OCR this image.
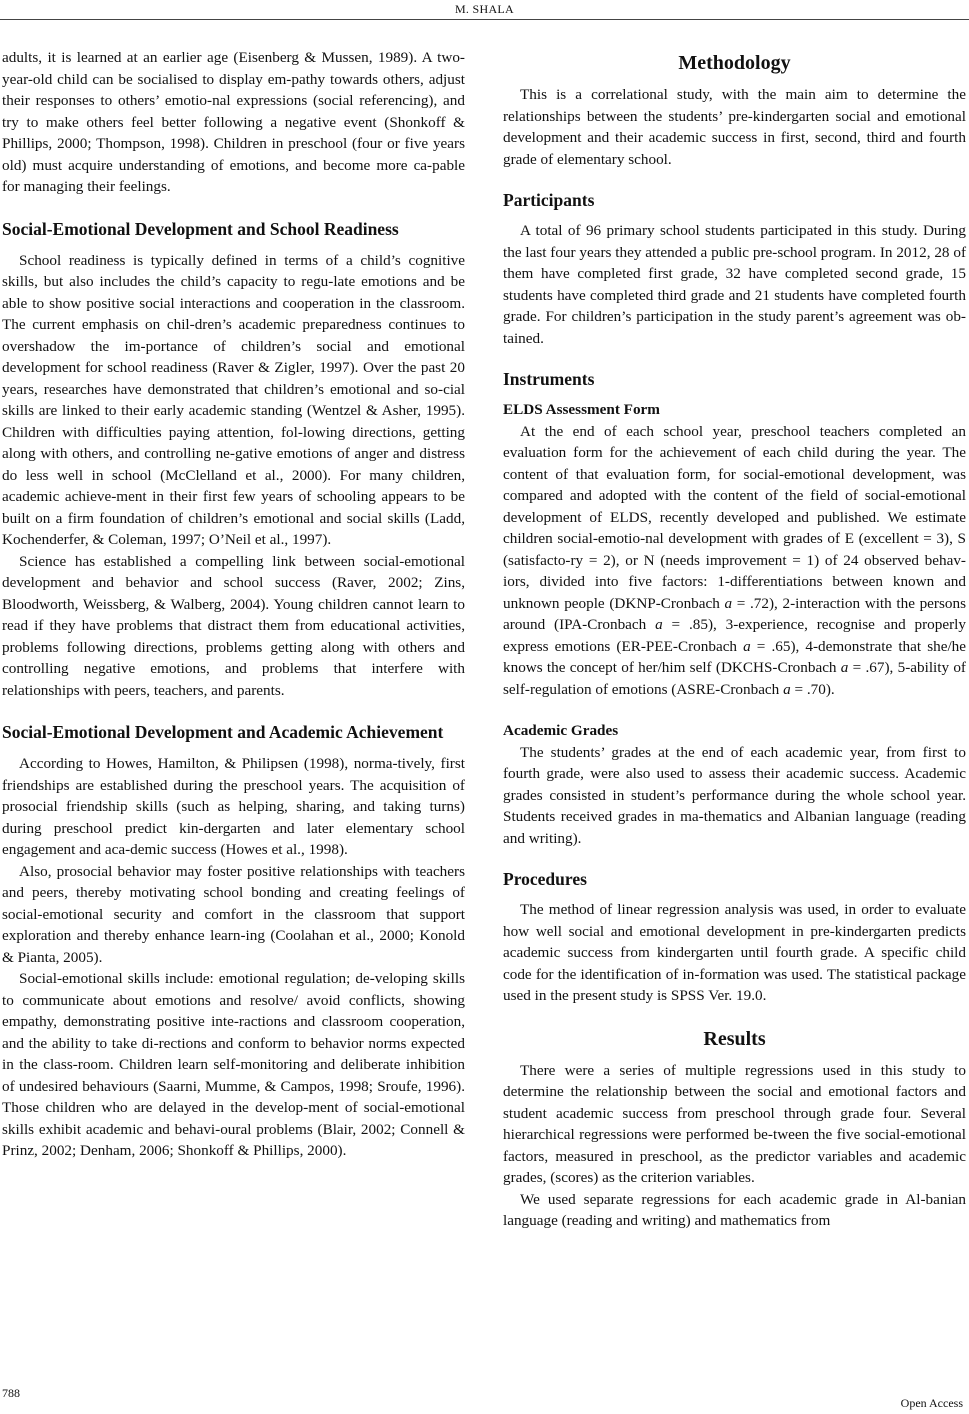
M. SHALA

adults, it is learned at an earlier age (Eisenberg & Mussen, 1989). A two-year-old child can be socialised to display em-pathy towards others, adjust their responses to others’ emotio-nal expressions (social referencing), and try to make others feel better following a negative event (Shonkoff & Phillips, 2000; Thompson, 1998). Children in preschool (four or five years old) must acquire understanding of emotions, and become more ca-pable for managing their feelings.

Social-Emotional Development and School Readiness

School readiness is typically defined in terms of a child’s cognitive skills, but also includes the child’s capacity to regu-late emotions and be able to show positive social interactions and cooperation in the classroom. The current emphasis on chil-dren’s academic preparedness continues to overshadow the im-portance of children’s social and emotional development for school readiness (Raver & Zigler, 1997). Over the past 20 years, researches have demonstrated that children’s emotional and so-cial skills are linked to their early academic standing (Wentzel & Asher, 1995). Children with difficulties paying attention, fol-lowing directions, getting along with others, and controlling ne-gative emotions of anger and distress do less well in school (McClelland et al., 2000). For many children, academic achieve-ment in their first few years of schooling appears to be built on a firm foundation of children’s emotional and social skills (Ladd, Kochenderfer, & Coleman, 1997; O’Neil et al., 1997).

Science has established a compelling link between social-emotional development and behavior and school success (Raver, 2002; Zins, Bloodworth, Weissberg, & Walberg, 2004). Young children cannot learn to read if they have problems that distract them from educational activities, problems following directions, problems getting along with others and controlling negative emotions, and problems that interfere with relationships with peers, teachers, and parents.

Social-Emotional Development and Academic Achievement

According to Howes, Hamilton, & Philipsen (1998), norma-tively, first friendships are established during the preschool years. The acquisition of prosocial friendship skills (such as helping, sharing, and taking turns) during preschool predict kin-dergarten and later elementary school engagement and aca-demic success (Howes et al., 1998).

Also, prosocial behavior may foster positive relationships with teachers and peers, thereby motivating school bonding and creating feelings of social-emotional security and comfort in the classroom that support exploration and thereby enhance learn-ing (Coolahan et al., 2000; Konold & Pianta, 2005).

Social-emotional skills include: emotional regulation; de-veloping skills to communicate about emotions and resolve/ avoid conflicts, showing empathy, demonstrating positive inte-ractions and classroom cooperation, and the ability to take di-rections and conform to behavior norms expected in the class-room. Children learn self-monitoring and deliberate inhibition of undesired behaviours (Saarni, Mumme, & Campos, 1998; Sroufe, 1996). Those children who are delayed in the develop-ment of social-emotional skills exhibit academic and behavi-oural problems (Blair, 2002; Connell & Prinz, 2002; Denham, 2006; Shonkoff & Phillips, 2000).

Methodology

This is a correlational study, with the main aim to determine the relationships between the students’ pre-kindergarten social and emotional development and their academic success in first, second, third and fourth grade of elementary school.

Participants

A total of 96 primary school students participated in this study. During the last four years they attended a public pre-school program. In 2012, 28 of them have completed first grade, 32 have completed second grade, 15 students have completed third grade and 21 students have completed fourth grade. For children’s participation in the study parent’s agreement was ob-tained.

Instruments
ELDS Assessment Form

At the end of each school year, preschool teachers completed an evaluation form for the achievement of each child during the year. The content of that evaluation form, for social-emotional development, was compared and adopted with the content of the field of social-emotional development of ELDS, recently developed and published. We estimate children social-emotio-nal development with grades of E (excellent = 3), S (satisfacto-ry = 2), or N (needs improvement = 1) of 24 observed behav-iors, divided into five factors: 1-differentiations between known and unknown people (DKNP-Cronbach a = .72), 2-interaction with the persons around (IPA-Cronbach a = .85), 3-experience, recognise and properly express emotions (ER-PEE-Cronbach a = .65), 4-demonstrate that she/he knows the concept of her/him self (DKCHS-Cronbach a = .67), 5-ability of self-regulation of emotions (ASRE-Cronbach a = .70).

Academic Grades

The students’ grades at the end of each academic year, from first to fourth grade, were also used to assess their academic success. Academic grades consisted in student’s performance during the whole school year. Students received grades in ma-thematics and Albanian language (reading and writing).

Procedures

The method of linear regression analysis was used, in order to evaluate how well social and emotional development in pre-kindergarten predicts academic success from kindergarten until fourth grade. A specific child code for the identification of in-formation was used. The statistical package used in the present study is SPSS Ver. 19.0.

Results

There were a series of multiple regressions used in this study to determine the relationship between the social and emotional factors and student academic success from preschool through grade four. Several hierarchical regressions were performed be-tween the five social-emotional factors, measured in preschool, as the predictor variables and academic grades, (scores) as the criterion variables.

We used separate regressions for each academic grade in Al-banian language (reading and writing) and mathematics from

788
Open Access
